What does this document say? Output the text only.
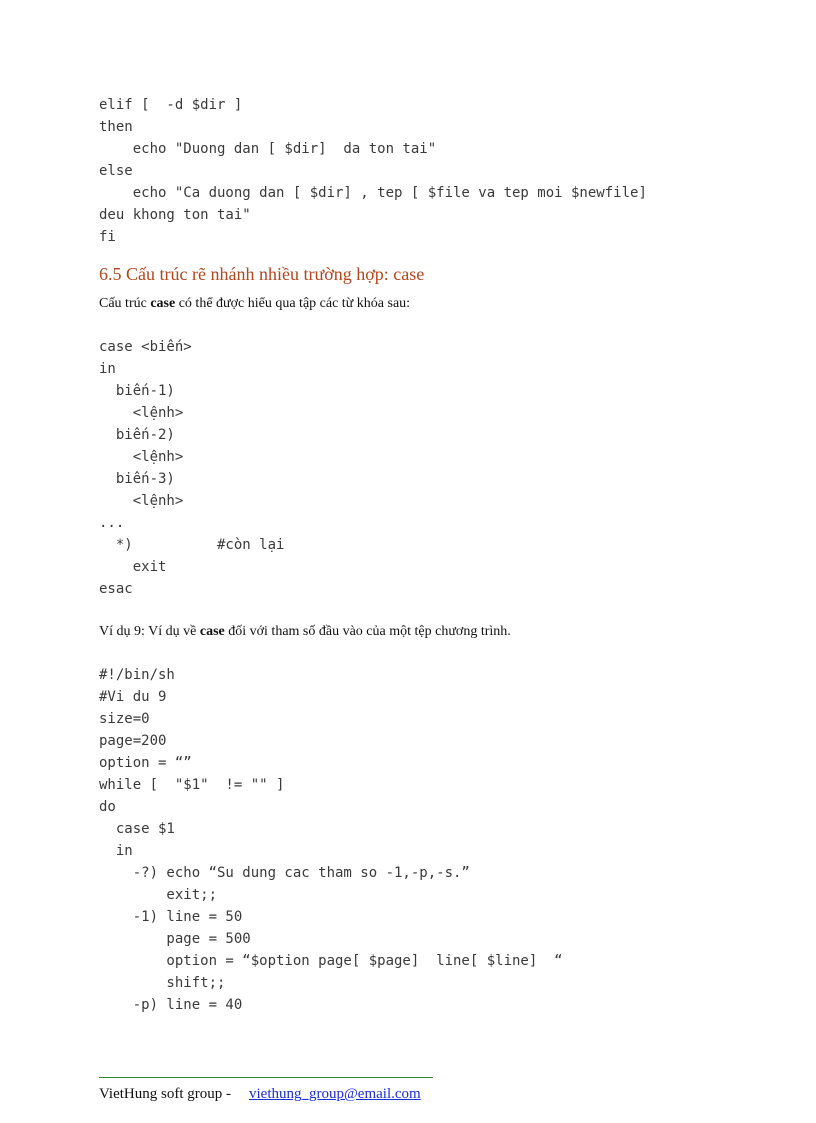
elif [  -d $dir ]
then
echo "Duong dan [ $dir]  da ton tai"
else
echo "Ca duong dan [ $dir] , tep [ $file va tep moi $newfile]
deu khong ton tai"
fi
6.5 Cấu trúc rẽ nhánh nhiều trường hợp: case

Cấu trúc case có thể được hiểu qua tập các từ khóa sau:

case <biến>
in
biến-1)
<lệnh>
biến-2)
<lệnh>
biến-3)
<lệnh>
...
*)          #còn lại
exit
esac

Ví dụ 9: Ví dụ về case đối với tham số đầu vào của một tệp chương trình.

#!/bin/sh
#Vi du 9
size=0
page=200
option = “”
while [  "$1"  != "" ]
do
case $1
in
-?) echo “Su dung cac tham so -1,-p,-s.”
exit;;
-1) line = 50
page = 500
option = “$option page[ $page]  line[ $line]  “
shift;;
-p) line = 40
VietHung soft group - viethung_group@email.com
